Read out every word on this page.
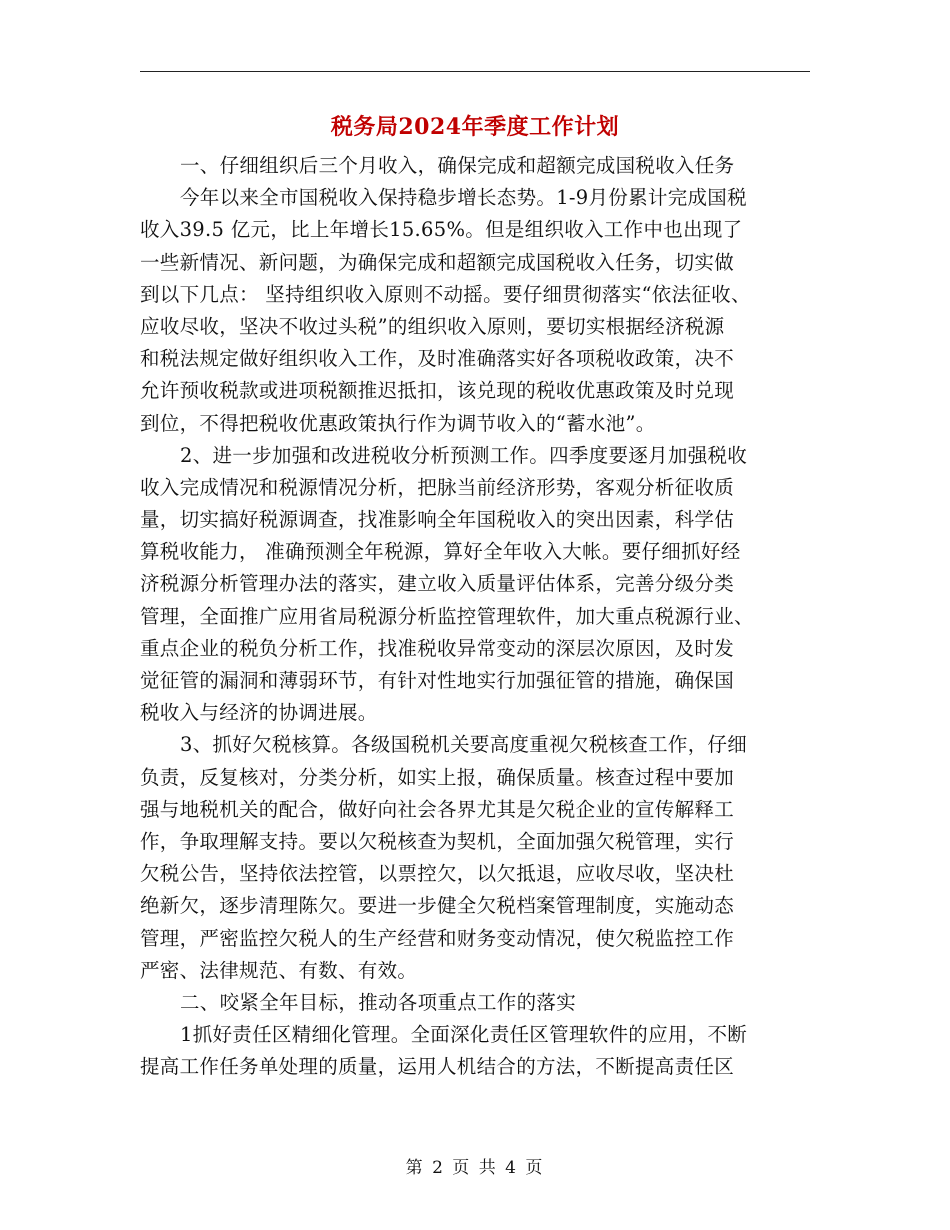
税务局2024年季度工作计划
一、仔细组织后三个月收入，确保完成和超额完成国税收入任务
今年以来全市国税收入保持稳步增长态势。1-9月份累计完成国税
收入39.5 亿元，比上年增长15.65%。但是组织收入工作中也出现了
一些新情况、新问题，为确保完成和超额完成国税收入任务，切实做
到以下几点： 坚持组织收入原则不动摇。要仔细贯彻落实“依法征收、
应收尽收，坚决不收过头税”的组织收入原则，要切实根据经济税源
和税法规定做好组织收入工作，及时准确落实好各项税收政策，决不
允许预收税款或进项税额推迟抵扣，该兑现的税收优惠政策及时兑现
到位，不得把税收优惠政策执行作为调节收入的“蓄水池”。
2、进一步加强和改进税收分析预测工作。四季度要逐月加强税收
收入完成情况和税源情况分析，把脉当前经济形势，客观分析征收质
量，切实搞好税源调查，找准影响全年国税收入的突出因素，科学估
算税收能力， 准确预测全年税源，算好全年收入大帐。要仔细抓好经
济税源分析管理办法的落实，建立收入质量评估体系，完善分级分类
管理，全面推广应用省局税源分析监控管理软件，加大重点税源行业、
重点企业的税负分析工作，找准税收异常变动的深层次原因，及时发
觉征管的漏洞和薄弱环节，有针对性地实行加强征管的措施，确保国
税收入与经济的协调进展。
3、抓好欠税核算。各级国税机关要高度重视欠税核查工作，仔细
负责，反复核对，分类分析，如实上报，确保质量。核查过程中要加
强与地税机关的配合，做好向社会各界尤其是欠税企业的宣传解释工
作，争取理解支持。要以欠税核查为契机，全面加强欠税管理，实行
欠税公告，坚持依法控管，以票控欠，以欠抵退，应收尽收，坚决杜
绝新欠，逐步清理陈欠。要进一步健全欠税档案管理制度，实施动态
管理，严密监控欠税人的生产经营和财务变动情况，使欠税监控工作
严密、法律规范、有数、有效。
二、咬紧全年目标，推动各项重点工作的落实
1抓好责任区精细化管理。全面深化责任区管理软件的应用，不断
提高工作任务单处理的质量，运用人机结合的方法，不断提高责任区
第 2 页 共 4 页
